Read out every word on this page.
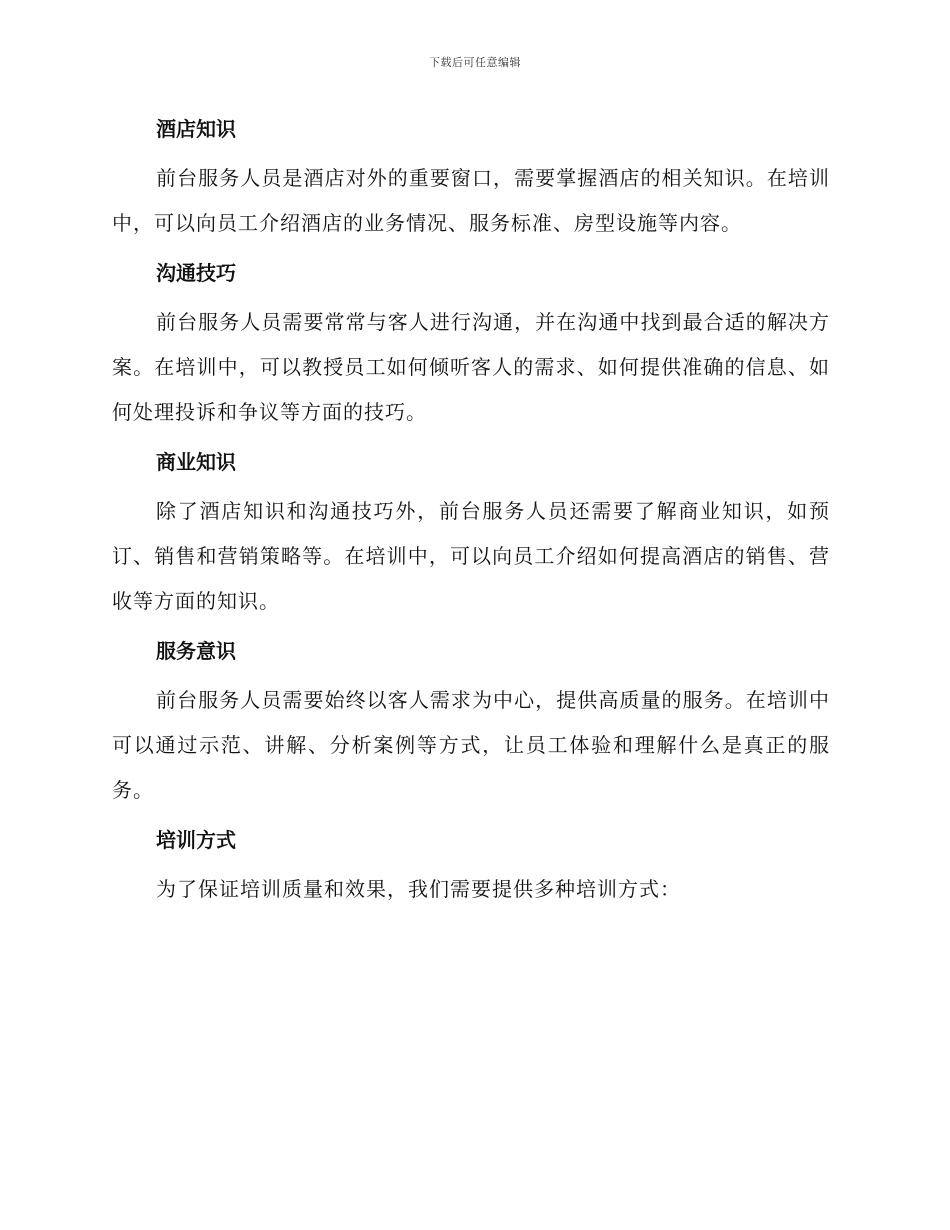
下载后可任意编辑
酒店知识

前台服务人员是酒店对外的重要窗口，需要掌握酒店的相关知识。在培训中，可以向员工介绍酒店的业务情况、服务标准、房型设施等内容。

沟通技巧

前台服务人员需要常常与客人进行沟通，并在沟通中找到最合适的解决方案。在培训中，可以教授员工如何倾听客人的需求、如何提供准确的信息、如何处理投诉和争议等方面的技巧。

商业知识

除了酒店知识和沟通技巧外，前台服务人员还需要了解商业知识，如预订、销售和营销策略等。在培训中，可以向员工介绍如何提高酒店的销售、营收等方面的知识。

服务意识

前台服务人员需要始终以客人需求为中心，提供高质量的服务。在培训中可以通过示范、讲解、分析案例等方式，让员工体验和理解什么是真正的服务。

培训方式

为了保证培训质量和效果，我们需要提供多种培训方式：
